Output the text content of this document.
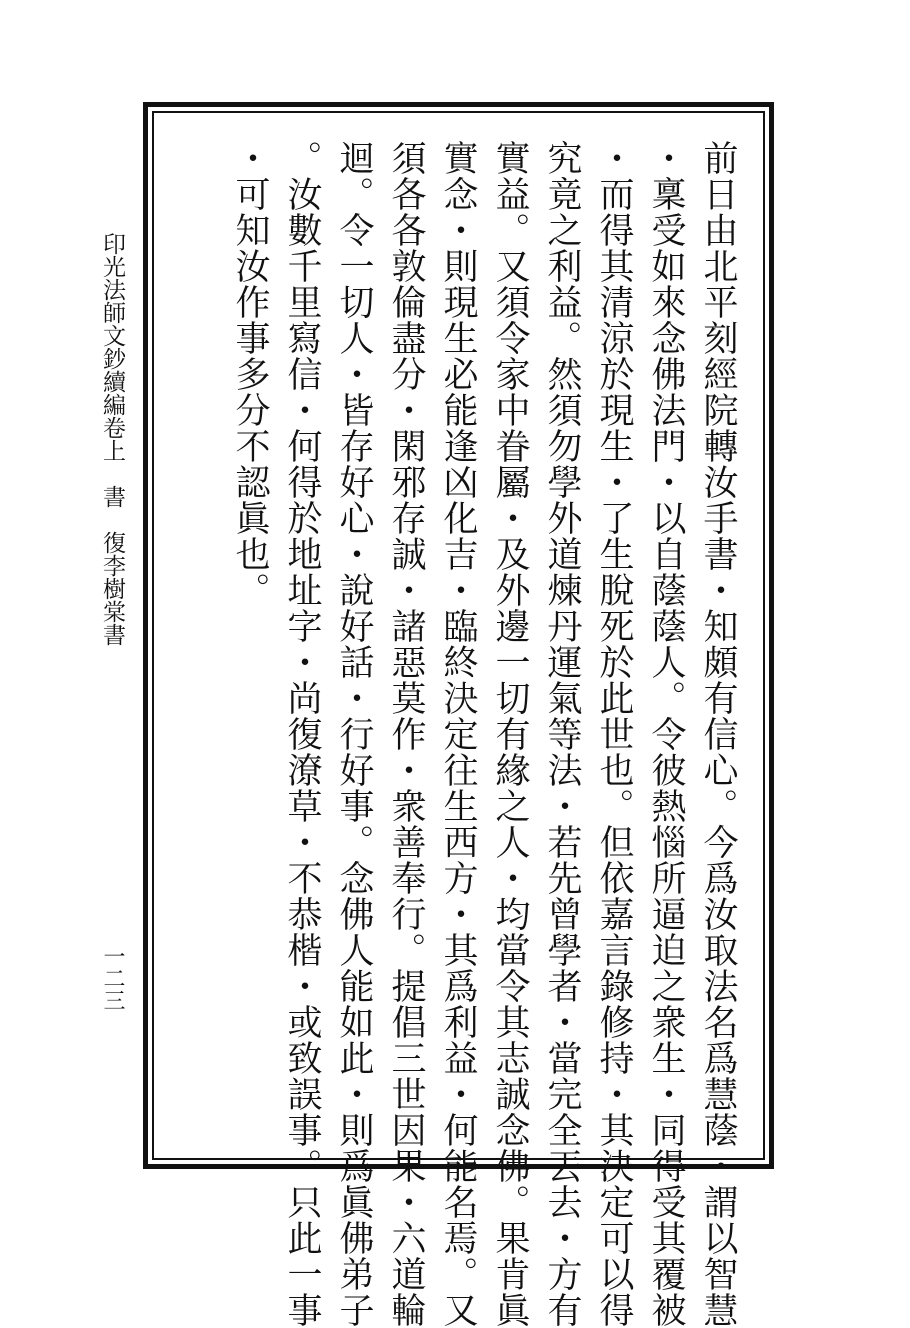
前日由北平刻經院轉汝手書・知頗有信心。今爲汝取法名爲慧蔭・謂以智慧
・稟受如來念佛法門・以自蔭蔭人。令彼熱惱所逼迫之衆生・同得受其覆被
・而得其清涼於現生・了生脫死於此世也。但依嘉言錄修持・其決定可以得
究竟之利益。然須勿學外道煉丹運氣等法・若先曾學者・當完全丟去・方有
實益。又須令家中眷屬・及外邊一切有緣之人・均當令其志誠念佛。果肯眞
實念・則現生必能逢凶化吉・臨終決定往生西方・其爲利益・何能名焉。又
須各各敦倫盡分・閑邪存誠・諸惡莫作・衆善奉行。提倡三世因果・六道輪
迴。令一切人・皆存好心・說好話・行好事。念佛人能如此・則爲眞佛弟子
。汝數千里寫信・何得於地址字・尚復潦草・不恭楷・或致誤事。只此一事
・可知汝作事多分不認眞也。
印光法師文鈔續編卷上　書　復李樹棠書
一二三
